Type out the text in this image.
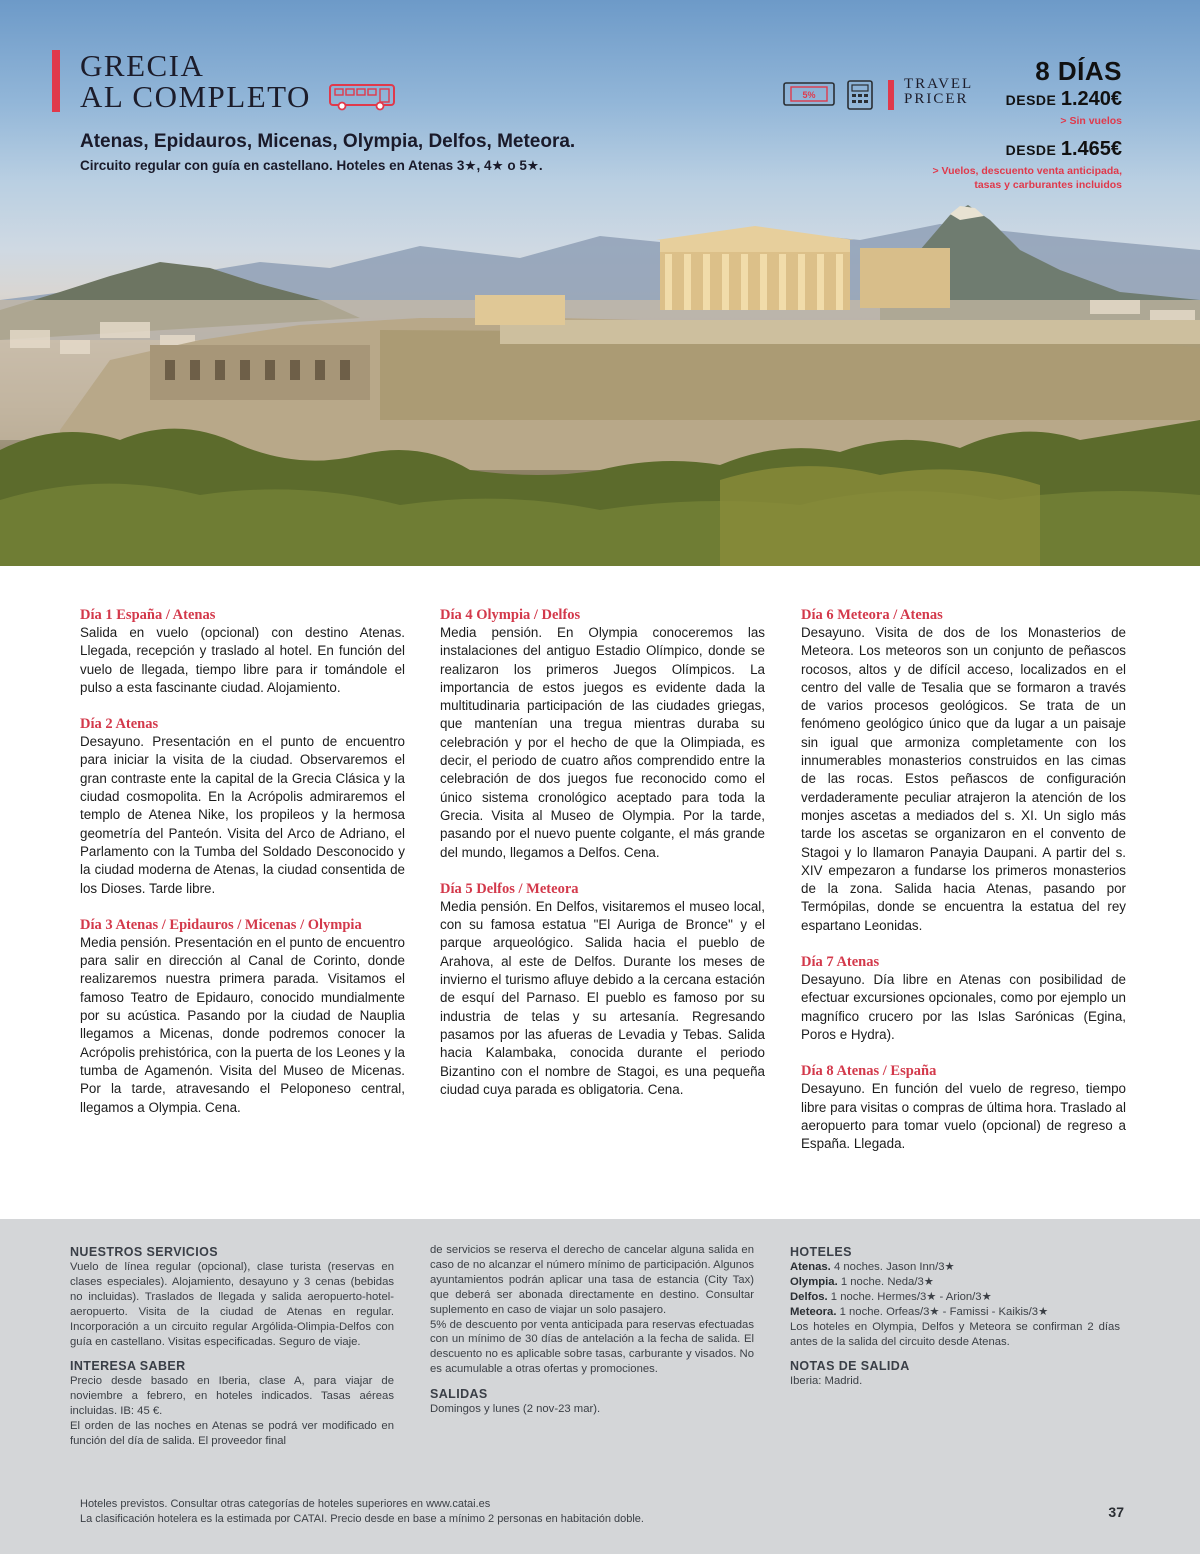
GRECIA
AL COMPLETO
Atenas, Epidauros, Micenas, Olympia, Delfos, Meteora.
Circuito regular con guía en castellano. Hoteles en Atenas 3★, 4★ o 5★.
5%
TRAVEL
PRICER
8 DÍAS
DESDE 1.240€
> Sin vuelos
DESDE 1.465€
> Vuelos, descuento venta anticipada,
tasas y carburantes incluidos
Día 1 España / Atenas

Salida en vuelo (opcional) con destino Atenas. Llegada, recepción y traslado al hotel. En función del vuelo de llegada, tiempo libre para ir tomándole el pulso a esta fascinante ciudad. Alojamiento.

Día 2 Atenas

Desayuno. Presentación en el punto de encuentro para iniciar la visita de la ciudad. Observaremos el gran contraste ente la capital de la Grecia Clásica y la ciudad cosmopolita. En la Acrópolis admiraremos el templo de Atenea Nike, los propileos y la hermosa geometría del Panteón. Visita del Arco de Adriano, el Parlamento con la Tumba del Soldado Desconocido y la ciudad moderna de Atenas, la ciudad consentida de los Dioses. Tarde libre.

Día 3 Atenas / Epidauros / Micenas / Olympia

Media pensión. Presentación en el punto de encuentro para salir en dirección al Canal de Corinto, donde realizaremos nuestra primera parada. Visitamos el famoso Teatro de Epidauro, conocido mundialmente por su acústica. Pasando por la ciudad de Nauplia llegamos a Micenas, donde podremos conocer la Acrópolis prehistórica, con la puerta de los Leones y la tumba de Agamenón. Visita del Museo de Micenas. Por la tarde, atravesando el Peloponeso central, llegamos a Olympia. Cena.

Día 4 Olympia / Delfos

Media pensión. En Olympia conoceremos las instalaciones del antiguo Estadio Olímpico, donde se realizaron los primeros Juegos Olímpicos. La importancia de estos juegos es evidente dada la multitudinaria participación de las ciudades griegas, que mantenían una tregua mientras duraba su celebración y por el hecho de que la Olimpiada, es decir, el periodo de cuatro años comprendido entre la celebración de dos juegos fue reconocido como el único sistema cronológico aceptado para toda la Grecia. Visita al Museo de Olympia. Por la tarde, pasando por el nuevo puente colgante, el más grande del mundo, llegamos a Delfos. Cena.

Día 5 Delfos / Meteora

Media pensión. En Delfos, visitaremos el museo local, con su famosa estatua "El Auriga de Bronce" y el parque arqueológico. Salida hacia el pueblo de Arahova, al este de Delfos. Durante los meses de invierno el turismo afluye debido a la cercana estación de esquí del Parnaso. El pueblo es famoso por su industria de telas y su artesanía. Regresando pasamos por las afueras de Levadia y Tebas. Salida hacia Kalambaka, conocida durante el periodo Bizantino con el nombre de Stagoi, es una pequeña ciudad cuya parada es obligatoria. Cena.

Día 6 Meteora / Atenas

Desayuno. Visita de dos de los Monasterios de Meteora. Los meteoros son un conjunto de peñascos rocosos, altos y de difícil acceso, localizados en el centro del valle de Tesalia que se formaron a través de varios procesos geológicos. Se trata de un fenómeno geológico único que da lugar a un paisaje sin igual que armoniza completamente con los innumerables monasterios construidos en las cimas de las rocas. Estos peñascos de configuración verdaderamente peculiar atrajeron la atención de los monjes ascetas a mediados del s. XI. Un siglo más tarde los ascetas se organizaron en el convento de Stagoi y lo llamaron Panayia Daupani. A partir del s. XIV empezaron a fundarse los primeros monasterios de la zona. Salida hacia Atenas, pasando por Termópilas, donde se encuentra la estatua del rey espartano Leonidas.

Día 7 Atenas

Desayuno. Día libre en Atenas con posibilidad de efectuar excursiones opcionales, como por ejemplo un magnífico crucero por las Islas Sarónicas (Egina, Poros e Hydra).

Día 8 Atenas / España

Desayuno. En función del vuelo de regreso, tiempo libre para visitas o compras de última hora. Traslado al aeropuerto para tomar vuelo (opcional) de regreso a España. Llegada.

NUESTROS SERVICIOS

Vuelo de línea regular (opcional), clase turista (reservas en clases especiales). Alojamiento, desayuno y 3 cenas (bebidas no incluidas). Traslados de llegada y salida aeropuerto-hotel-aeropuerto. Visita de la ciudad de Atenas en regular. Incorporación a un circuito regular Argólida-Olimpia-Delfos con guía en castellano. Visitas especificadas. Seguro de viaje.

INTERESA SABER

Precio desde basado en Iberia, clase A, para viajar de noviembre a febrero, en hoteles indicados. Tasas aéreas incluidas. IB: 45 €.

El orden de las noches en Atenas se podrá ver modificado en función del día de salida. El proveedor final

de servicios se reserva el derecho de cancelar alguna salida en caso de no alcanzar el número mínimo de participación. Algunos ayuntamientos podrán aplicar una tasa de estancia (City Tax) que deberá ser abonada directamente en destino. Consultar suplemento en caso de viajar un solo pasajero.

5% de descuento por venta anticipada para reservas efectuadas con un mínimo de 30 días de antelación a la fecha de salida. El descuento no es aplicable sobre tasas, carburante y visados. No es acumulable a otras ofertas y promociones.

SALIDAS

Domingos y lunes (2 nov-23 mar).

HOTELES
Atenas. 4 noches. Jason Inn/3★
Olympia. 1 noche. Neda/3★
Delfos. 1 noche. Hermes/3★ - Arion/3★
Meteora. 1 noche. Orfeas/3★ - Famissi - Kaikis/3★

Los hoteles en Olympia, Delfos y Meteora se confirman 2 días antes de la salida del circuito desde Atenas.

NOTAS DE SALIDA

Iberia: Madrid.

Hoteles previstos. Consultar otras categorías de hoteles superiores en www.catai.es
La clasificación hotelera es la estimada por CATAI. Precio desde en base a mínimo 2 personas en habitación doble.	37
